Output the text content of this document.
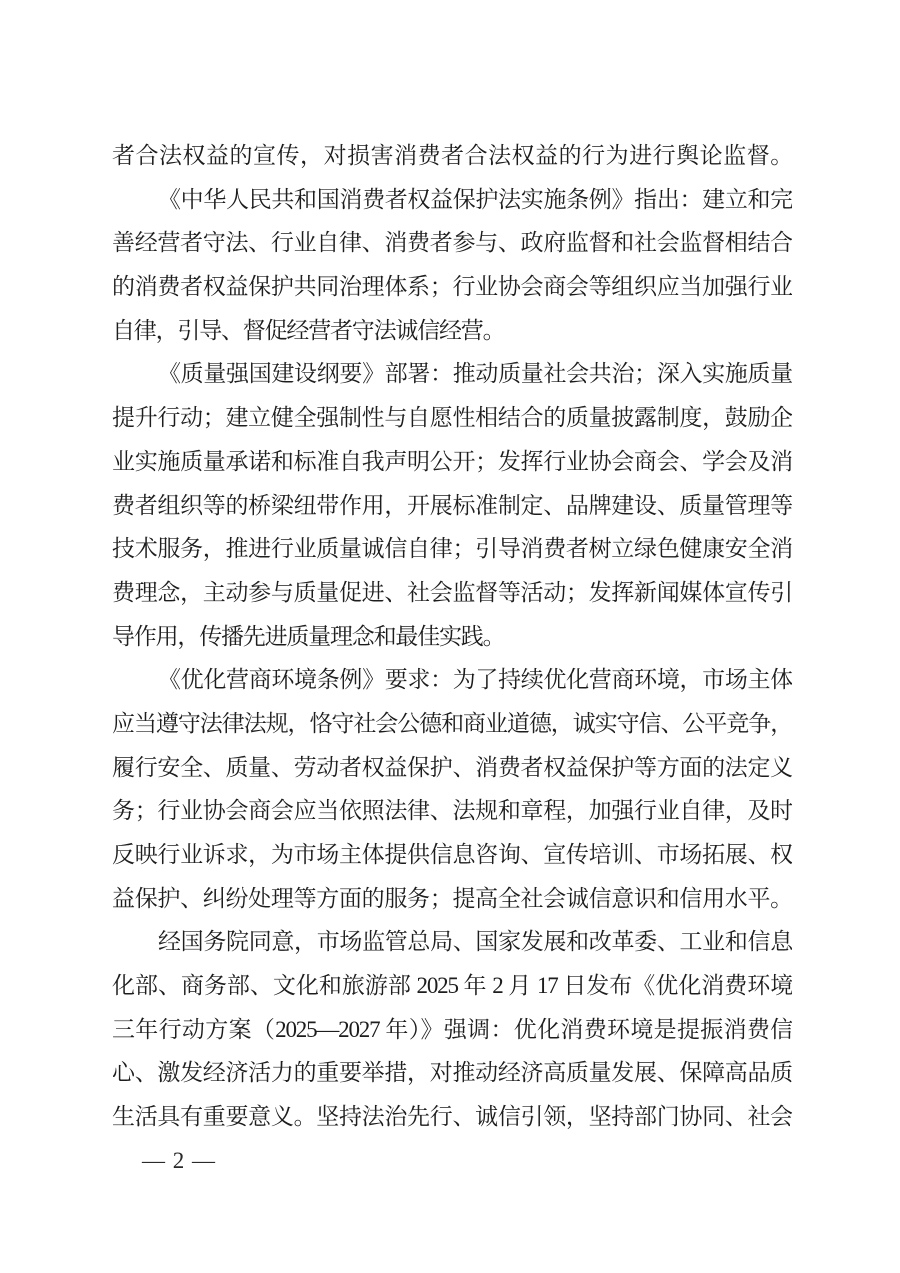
者合法权益的宣传，对损害消费者合法权益的行为进行舆论监督。
《中华人民共和国消费者权益保护法实施条例》指出：建立和完
善经营者守法、行业自律、消费者参与、政府监督和社会监督相结合
的消费者权益保护共同治理体系；行业协会商会等组织应当加强行业
自律，引导、督促经营者守法诚信经营。
《质量强国建设纲要》部署：推动质量社会共治；深入实施质量
提升行动；建立健全强制性与自愿性相结合的质量披露制度，鼓励企
业实施质量承诺和标准自我声明公开；发挥行业协会商会、学会及消
费者组织等的桥梁纽带作用，开展标准制定、品牌建设、质量管理等
技术服务，推进行业质量诚信自律；引导消费者树立绿色健康安全消
费理念，主动参与质量促进、社会监督等活动；发挥新闻媒体宣传引
导作用，传播先进质量理念和最佳实践。
《优化营商环境条例》要求：为了持续优化营商环境，市场主体
应当遵守法律法规，恪守社会公德和商业道德，诚实守信、公平竞争，
履行安全、质量、劳动者权益保护、消费者权益保护等方面的法定义
务；行业协会商会应当依照法律、法规和章程，加强行业自律，及时
反映行业诉求，为市场主体提供信息咨询、宣传培训、市场拓展、权
益保护、纠纷处理等方面的服务；提高全社会诚信意识和信用水平。
经国务院同意，市场监管总局、国家发展和改革委、工业和信息
化部、商务部、文化和旅游部 2025 年 2 月 17 日发布《优化消费环境
三年行动方案（2025—2027 年）》强调：优化消费环境是提振消费信
心、激发经济活力的重要举措，对推动经济高质量发展、保障高品质
生活具有重要意义。坚持法治先行、诚信引领，坚持部门协同、社会
— 2 —
